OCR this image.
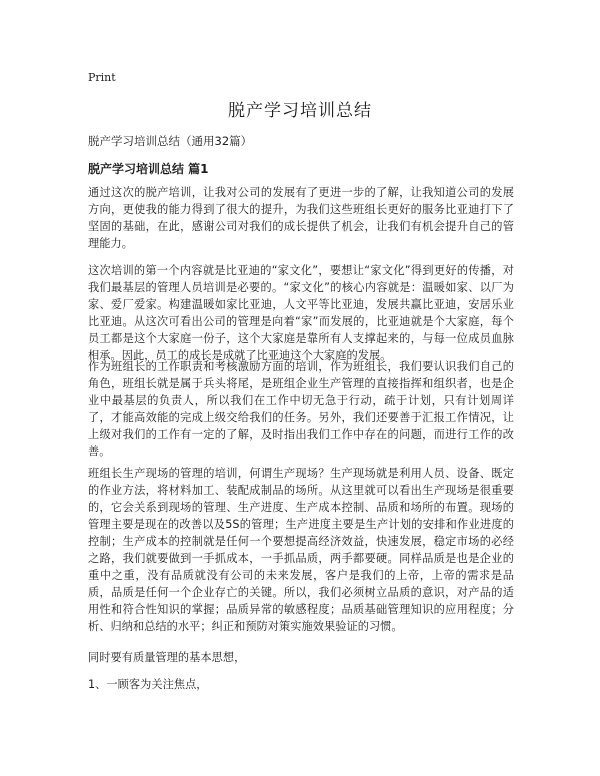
Print
脱产学习培训总结
脱产学习培训总结（通用32篇）
脱产学习培训总结 篇1

通过这次的脱产培训，让我对公司的发展有了更进一步的了解，让我知道公司的发展方向，更使我的能力得到了很大的提升，为我们这些班组长更好的服务比亚迪打下了坚固的基础，在此，感谢公司对我们的成长提供了机会，让我们有机会提升自己的管理能力。

这次培训的第一个内容就是比亚迪的“家文化”，要想让“家文化”得到更好的传播，对我们最基层的管理人员培训是必要的。“家文化”的核心内容就是：温暖如家、以厂为家、爱厂爱家。构建温暖如家比亚迪，人文平等比亚迪，发展共赢比亚迪，安居乐业比亚迪。从这次可看出公司的管理是向着“家”而发展的，比亚迪就是个大家庭，每个员工都是这个大家庭一份子，这个大家庭是靠所有人支撑起来的，与每一位成员血脉相承。因此，员工的成长是成就了比亚迪这个大家庭的发展。

作为班组长的工作职责和考核激励方面的培训，作为班组长，我们要认识我们自己的角色，班组长就是属于兵头将尾，是班组企业生产管理的直接指挥和组织者，也是企业中最基层的负责人，所以我们在工作中切无急于行动，疏于计划，只有计划周详了，才能高效能的完成上级交给我们的任务。另外，我们还要善于汇报工作情况，让上级对我们的工作有一定的了解，及时指出我们工作中存在的问题，而进行工作的改善。

班组长生产现场的管理的培训，何谓生产现场？生产现场就是利用人员、设备、既定的作业方法，将材料加工、装配成制品的场所。从这里就可以看出生产现场是很重要的，它会关系到现场的管理、生产进度、生产成本控制、品质和场所的布置。现场的管理主要是现在的改善以及5S的管理；生产进度主要是生产计划的安排和作业进度的控制；生产成本的控制就是任何一个要想提高经济效益，快速发展，稳定市场的必经之路，我们就要做到一手抓成本，一手抓品质，两手都要硬。同样品质是也是企业的重中之重，没有品质就没有公司的未来发展，客户是我们的上帝，上帝的需求是品质，品质是任何一个企业存亡的关键。所以，我们必须树立品质的意识，对产品的适用性和符合性知识的掌握；品质异常的敏感程度；品质基础管理知识的应用程度；分析、归纳和总结的水平；纠正和预防对策实施效果验证的习惯。

同时要有质量管理的基本思想，

1、一顾客为关注焦点，
